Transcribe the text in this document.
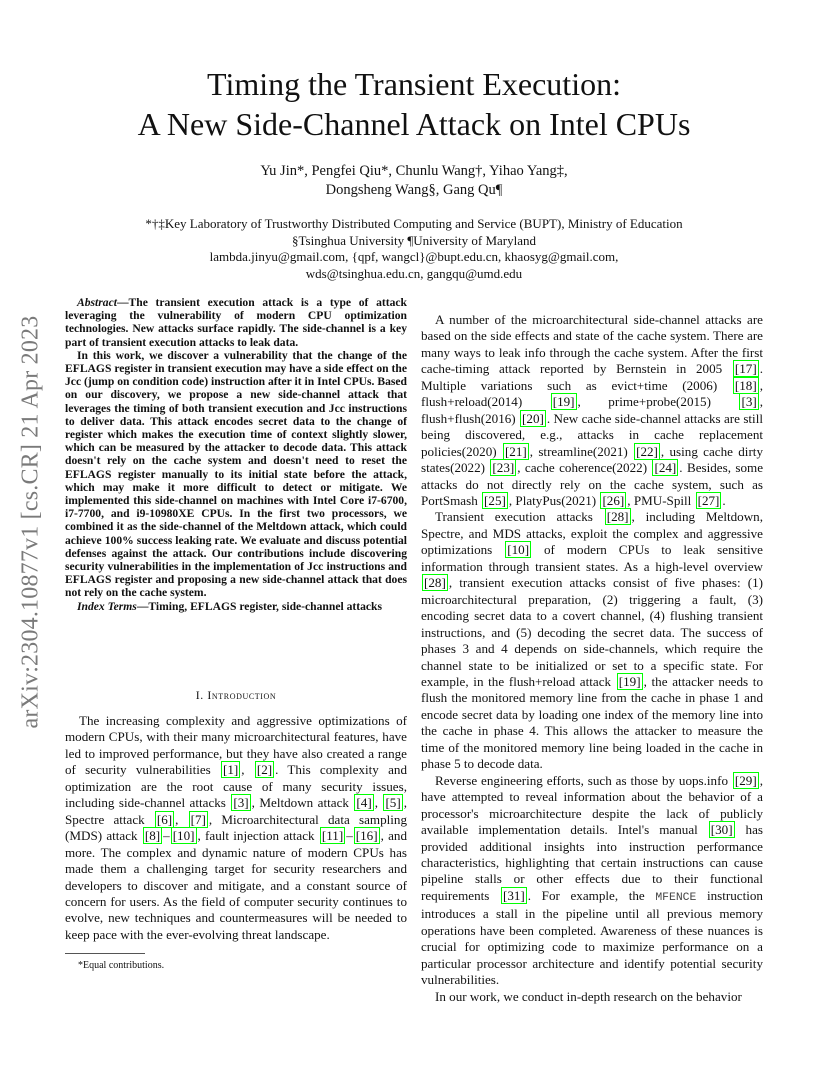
arXiv:2304.10877v1 [cs.CR] 21 Apr 2023
Timing the Transient Execution:
A New Side-Channel Attack on Intel CPUs
Yu Jin*, Pengfei Qiu*, Chunlu Wang†, Yihao Yang‡,
Dongsheng Wang§, Gang Qu¶
*†‡Key Laboratory of Trustworthy Distributed Computing and Service (BUPT), Ministry of Education
§Tsinghua University ¶University of Maryland
lambda.jinyu@gmail.com, {qpf, wangcl}@bupt.edu.cn, khaosyg@gmail.com,
wds@tsinghua.edu.cn, gangqu@umd.edu

Abstract—The transient execution attack is a type of attack leveraging the vulnerability of modern CPU optimization technologies. New attacks surface rapidly. The side-channel is a key part of transient execution attacks to leak data.

In this work, we discover a vulnerability that the change of the EFLAGS register in transient execution may have a side effect on the Jcc (jump on condition code) instruction after it in Intel CPUs. Based on our discovery, we propose a new side-channel attack that leverages the timing of both transient execution and Jcc instructions to deliver data. This attack encodes secret data to the change of register which makes the execution time of context slightly slower, which can be measured by the attacker to decode data. This attack doesn't rely on the cache system and doesn't need to reset the EFLAGS register manually to its initial state before the attack, which may make it more difficult to detect or mitigate. We implemented this side-channel on machines with Intel Core i7-6700, i7-7700, and i9-10980XE CPUs. In the first two processors, we combined it as the side-channel of the Meltdown attack, which could achieve 100% success leaking rate. We evaluate and discuss potential defenses against the attack. Our contributions include discovering security vulnerabilities in the implementation of Jcc instructions and EFLAGS register and proposing a new side-channel attack that does not rely on the cache system.

Index Terms—Timing, EFLAGS register, side-channel attacks

I. Introduction

The increasing complexity and aggressive optimizations of modern CPUs, with their many microarchitectural features, have led to improved performance, but they have also created a range of security vulnerabilities [1] , [2] . This complexity and optimization are the root cause of many security issues, including side-channel attacks [3] , Meltdown attack [4] , [5] , Spectre attack [6] , [7] , Microarchitectural data sampling (MDS) attack [8] – [10] , fault injection attack [11] – [16] , and more. The complex and dynamic nature of modern CPUs has made them a challenging target for security researchers and developers to discover and mitigate, and a constant source of concern for users. As the field of computer security continues to evolve, new techniques and countermeasures will be needed to keep pace with the ever-evolving threat landscape.

*Equal contributions.

A number of the microarchitectural side-channel attacks are based on the side effects and state of the cache system. There are many ways to leak info through the cache system. After the first cache-timing attack reported by Bernstein in 2005 [17] . Multiple variations such as evict+time (2006) [18] , flush+reload(2014) [19] , prime+probe(2015) [3] , flush+flush(2016) [20] . New cache side-channel attacks are still being discovered, e.g., attacks in cache replacement policies(2020) [21] , streamline(2021) [22] , using cache dirty states(2022) [23] , cache coherence(2022) [24] . Besides, some attacks do not directly rely on the cache system, such as PortSmash [25] , PlatyPus(2021) [26] , PMU-Spill [27] .

Transient execution attacks [28] , including Meltdown, Spectre, and MDS attacks, exploit the complex and aggressive optimizations [10] of modern CPUs to leak sensitive information through transient states. As a high-level overview [28] , transient execution attacks consist of five phases: (1) microarchitectural preparation, (2) triggering a fault, (3) encoding secret data to a covert channel, (4) flushing transient instructions, and (5) decoding the secret data. The success of phases 3 and 4 depends on side-channels, which require the channel state to be initialized or set to a specific state. For example, in the flush+reload attack [19] , the attacker needs to flush the monitored memory line from the cache in phase 1 and encode secret data by loading one index of the memory line into the cache in phase 4. This allows the attacker to measure the time of the monitored memory line being loaded in the cache in phase 5 to decode data.

Reverse engineering efforts, such as those by uops.info [29] , have attempted to reveal information about the behavior of a processor's microarchitecture despite the lack of publicly available implementation details. Intel's manual [30] has provided additional insights into instruction performance characteristics, highlighting that certain instructions can cause pipeline stalls or other effects due to their functional requirements [31] . For example, the MFENCE instruction introduces a stall in the pipeline until all previous memory operations have been completed. Awareness of these nuances is crucial for optimizing code to maximize performance on a particular processor architecture and identify potential security vulnerabilities.

In our work, we conduct in-depth research on the behavior
